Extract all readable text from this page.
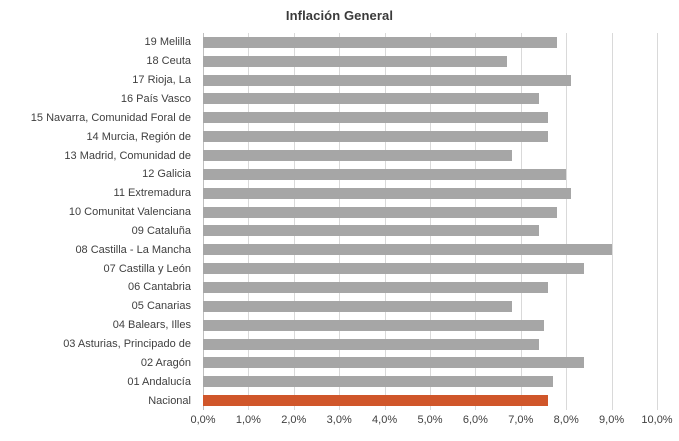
Inflación General
19 Melilla
18 Ceuta
17 Rioja, La
16 País Vasco
15 Navarra, Comunidad Foral de
14 Murcia, Región de
13 Madrid, Comunidad de
12 Galicia
11 Extremadura
10 Comunitat Valenciana
09 Cataluña
08 Castilla - La Mancha
07 Castilla y León
06 Cantabria
05 Canarias
04 Balears, Illes
03 Asturias, Principado de
02 Aragón
01 Andalucía
Nacional
0,0% 1,0% 2,0% 3,0% 4,0% 5,0% 6,0% 7,0% 8,0% 9,0% 10,0%
